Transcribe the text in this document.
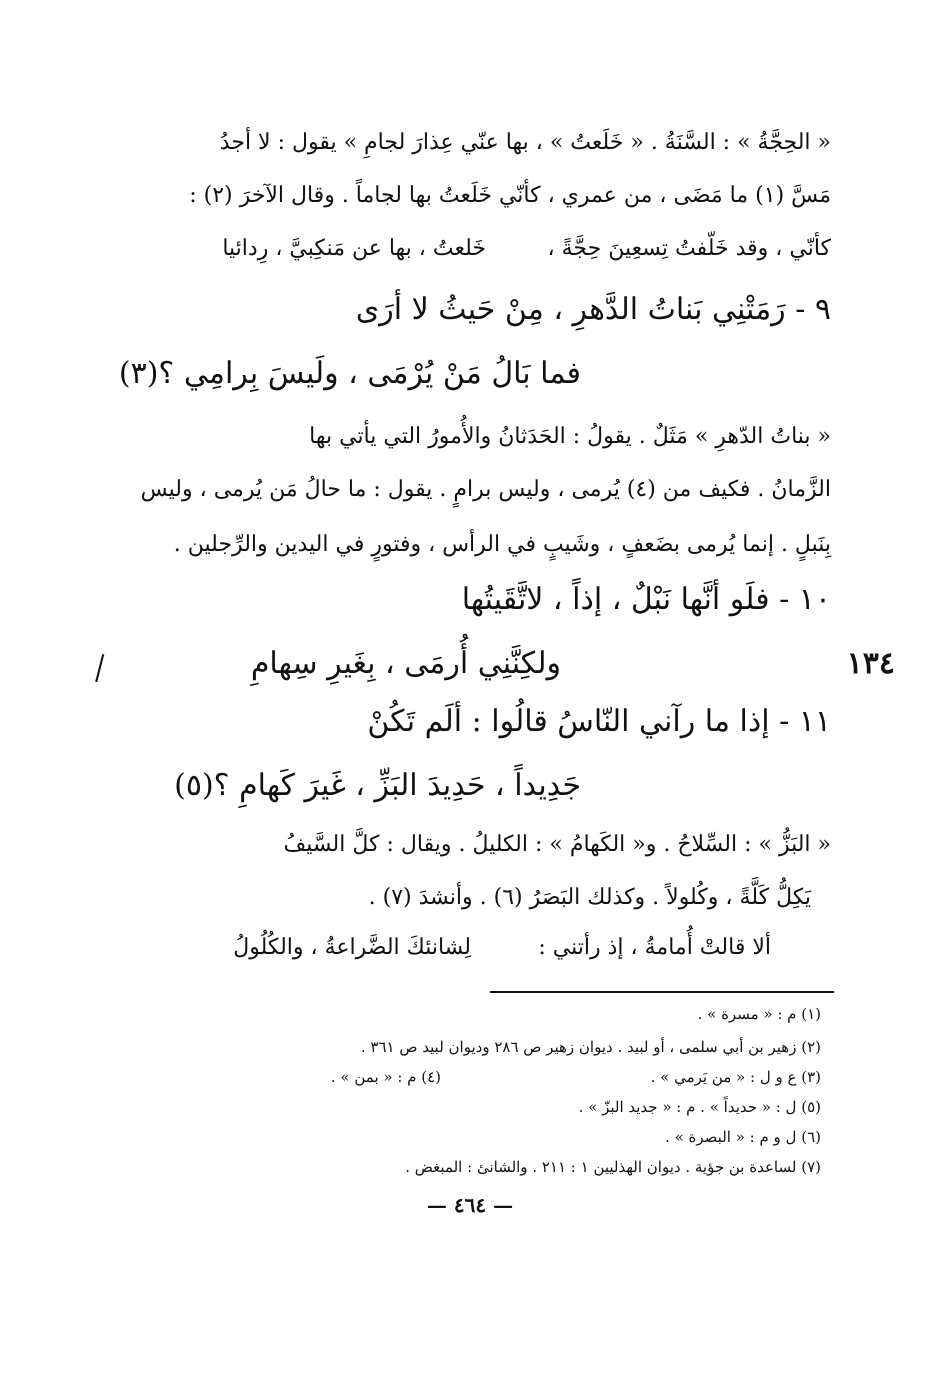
« الحِجَّةُ » : السَّنَةُ . « خَلَعتُ » ، بها عنّي عِذارَ لجامِ » يقول : لا أجدُ
مَسَّ (١) ما مَضَى ، من عمري ، كأنّي خَلَعتُ بها لجاماً . وقال الآخرَ (٢) :
كأنّي ، وقد خَلّفتُ تِسعِينَ حِجَّةً ،
خَلعتُ ، بها عن مَنكِبيَّ ، رِدائيا
٩ - رَمَتْنِي بَناتُ الدَّهرِ ، مِنْ حَيثُ لا أرَى
فما بَالُ مَنْ يُرْمَى ، ولَيسَ بِرامِي ؟(٣)
« بناتُ الدّهرِ » مَثَلٌ . يقولُ : الحَدَثانُ والأُمورُ التي يأتي بها
الزَّمانُ . فكيف من (٤) يُرمى ، وليس برامٍ . يقول : ما حالُ مَن يُرمى ، وليس
بِنَبلٍ . إنما يُرمى بضَعفٍ ، وشَيبٍ في الرأس ، وفتورٍ في اليدين والرِّجلين .
١٠ - فلَو أنَّها نَبْلٌ ، إذاً ، لاتَّقَيتُها
ولكِنَّنِي أُرمَى ، بِغَيرِ سِهامِ	١٣٤
/
١١ - إذا ما رآني النّاسُ قالُوا : ألَم تَكُنْ
جَدِيداً ، حَدِيدَ البَزِّ ، غَيرَ كَهامِ ؟(٥)
« البَزُّ » : السِّلاحُ . و« الكَهامُ » : الكليلُ . ويقال : كلَّ السَّيفُ
يَكِلُّ كَلَّةً ، وكُلولاً . وكذلك البَصَرُ (٦) . وأنشدَ (٧) .
ألا قالتْ أُمامةُ ، إذ رأتني :
لِشانئكَ الضَّراعةُ ، والكُلُولُ
(١) م : « مسرة » .
(٢) زهير بن أبي سلمى ، أو لبيد . ديوان زهير ص ٢٨٦ وديوان لبيد ص ٣٦١ .
(٣) ع و ل : « من يَرمي » .
(٤) م : « بمن » .
(٥) ل : « حديداً » . م : « جديد البزّ » .
(٦) ل و م : « البصرة » .
(٧) لساعدة بن جؤية . ديوان الهذليين ١ : ٢١١ . والشانئ : المبغض .
— ٤٦٤ —
